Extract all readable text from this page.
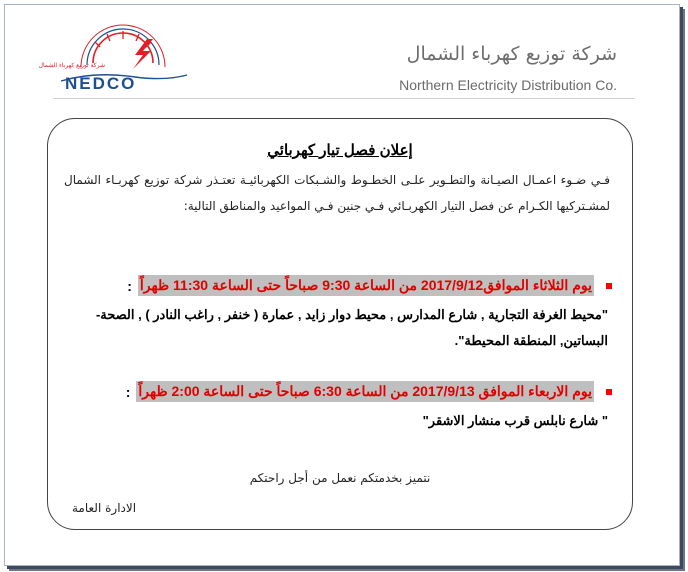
شركة توزيع كهرباء الشمال
NEDCO
شركة توزيع كهرباء الشمال
Northern Electricity Distribution Co.
إعلان فصل تيار كهربائي
فـي ضـوء اعمـال الصيـانة والتطـوير علـى الخطـوط والشـبكات الكهربائيـة تعتـذر شركة توزيع كهربـاء الشمال لمشـتركيها الكـرام عن فصل التيار الكهربـائي فـي جنين فـي المواعيد والمناطق التالية:
يوم الثلاثاء الموافق2017/9/12 من الساعة 9:30 صباحاً حتى الساعة 11:30 ظهراً
:
"محيط الغرفة التجارية , شارع المدارس , محيط دوار زايد , عمارة ( خنفر , راغب النادر ) , الصحة- البساتين, المنطقة المحيطة".
يوم الاربعاء الموافق 2017/9/13 من الساعة 6:30 صباحاً حتى الساعة 2:00 ظهراً
:
" شارع نابلس قرب منشار الاشقر"
نتميز بخدمتكم نعمل من أجل راحتكم
الادارة العامة
